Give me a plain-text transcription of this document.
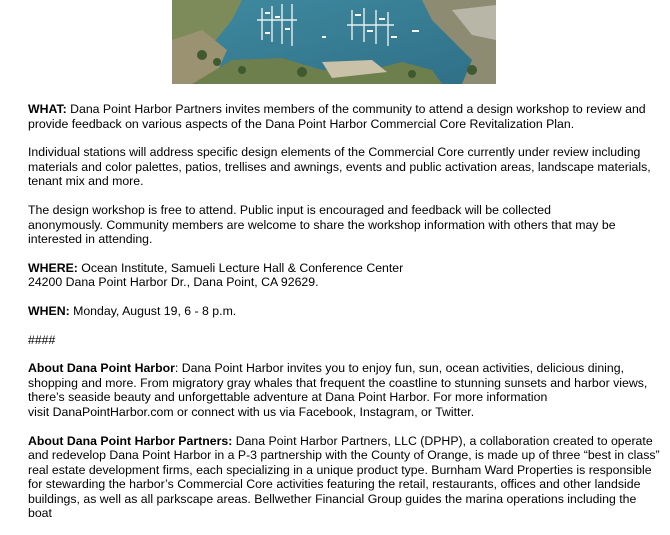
WHAT: Dana Point Harbor Partners invites members of the community to attend a design workshop to review and provide feedback on various aspects of the Dana Point Harbor Commercial Core Revitalization Plan.

Individual stations will address specific design elements of the Commercial Core currently under review including materials and color palettes, patios, trellises and awnings, events and public activation areas, landscape materials, tenant mix and more.

The design workshop is free to attend. Public input is encouraged and feedback will be collected
anonymously. Community members are welcome to share the workshop information with others that may be interested in attending.

WHERE: Ocean Institute, Samueli Lecture Hall & Conference Center
24200 Dana Point Harbor Dr., Dana Point, CA 92629.

WHEN: Monday, August 19, 6 - 8 p.m.

####

About Dana Point Harbor: Dana Point Harbor invites you to enjoy fun, sun, ocean activities, delicious dining, shopping and more. From migratory gray whales that frequent the coastline to stunning sunsets and harbor views, there’s seaside beauty and unforgettable adventure at Dana Point Harbor. For more information
visit DanaPointHarbor.com or connect with us via Facebook, Instagram, or Twitter.

About Dana Point Harbor Partners: Dana Point Harbor Partners, LLC (DPHP), a collaboration created to operate and redevelop Dana Point Harbor in a P-3 partnership with the County of Orange, is made up of three “best in class” real estate development firms, each specializing in a unique product type. Burnham Ward Properties is responsible for stewarding the harbor’s Commercial Core activities featuring the retail, restaurants, offices and other landside buildings, as well as all parkscape areas. Bellwether Financial Group guides the marina operations including the boat
